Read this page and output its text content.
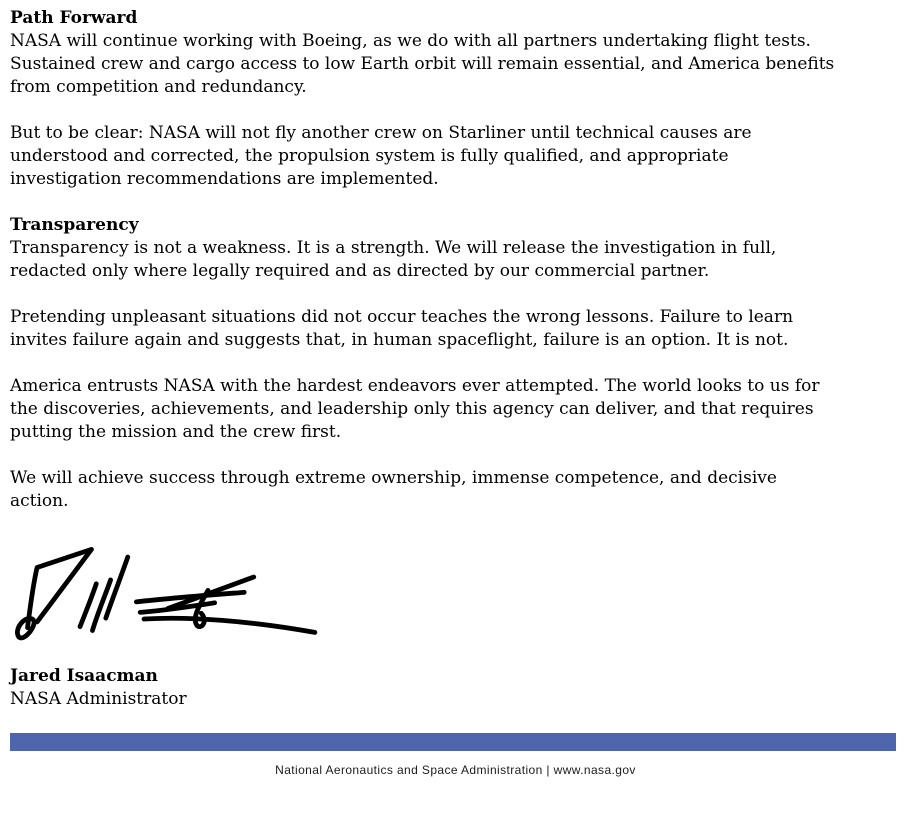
Path Forward

NASA will continue working with Boeing, as we do with all partners undertaking flight tests.
Sustained crew and cargo access to low Earth orbit will remain essential, and America benefits
from competition and redundancy.

But to be clear: NASA will not fly another crew on Starliner until technical causes are
understood and corrected, the propulsion system is fully qualified, and appropriate
investigation recommendations are implemented.

Transparency

Transparency is not a weakness. It is a strength. We will release the investigation in full,
redacted only where legally required and as directed by our commercial partner.

Pretending unpleasant situations did not occur teaches the wrong lessons. Failure to learn
invites failure again and suggests that, in human spaceflight, failure is an option. It is not.

America entrusts NASA with the hardest endeavors ever attempted. The world looks to us for
the discoveries, achievements, and leadership only this agency can deliver, and that requires
putting the mission and the crew first.

We will achieve success through extreme ownership, immense competence, and decisive
action.

Jared Isaacman
NASA Administrator
National Aeronautics and Space Administration | www.nasa.gov
